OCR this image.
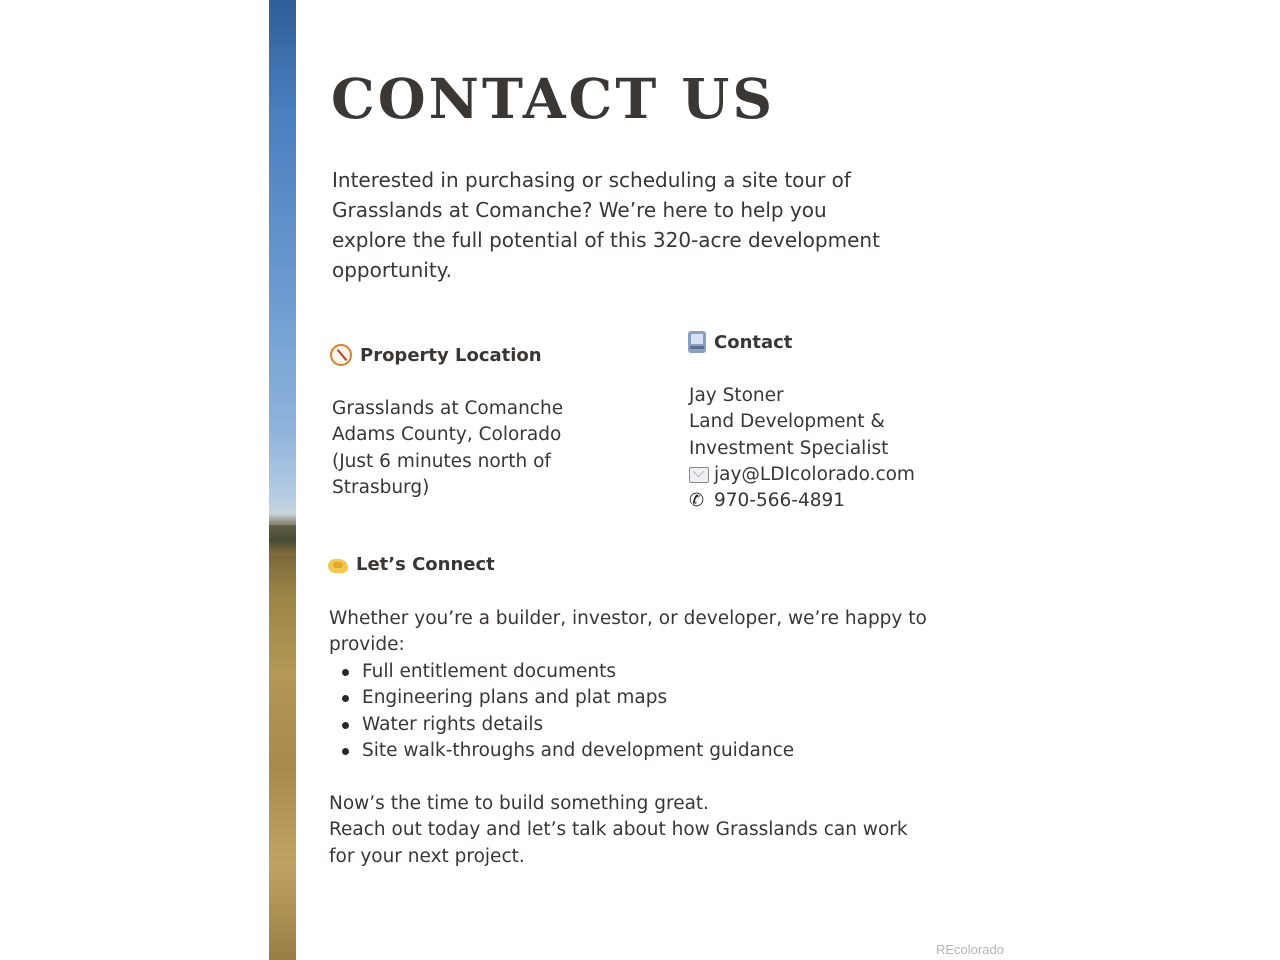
CONTACT US

Interested in purchasing or scheduling a site tour of Grasslands at Comanche? We’re here to help you explore the full potential of this 320-acre development opportunity.

Property Location
Grasslands at Comanche
Adams County, Colorado
(Just 6 minutes north of
Strasburg)
Contact
Jay Stoner
Land Development &
Investment Specialist
jay@LDIcolorado.com
✆ 970-566-4891
Let’s Connect

Whether you’re a builder, investor, or developer, we’re happy to provide:

Full entitlement documents
Engineering plans and plat maps
Water rights details
Site walk-throughs and development guidance
Now’s the time to build something great.
Reach out today and let’s talk about how Grasslands can work
for your next project.
REcolorado
